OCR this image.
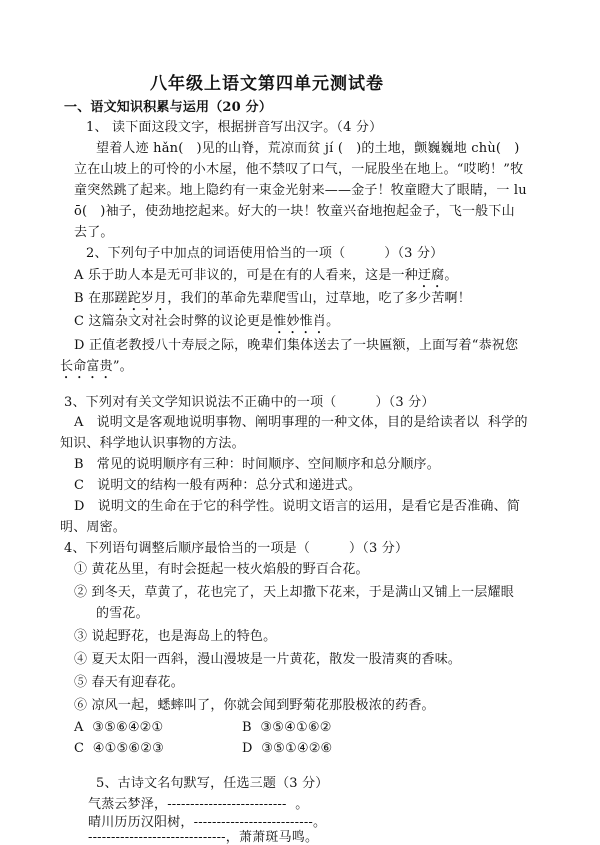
八年级上语文第四单元测试卷
一、语文知识积累与运用（20 分）
1、 读下面这段文字，根据拼音写出汉字。（4 分）
望着人迹 hǎn(   )见的山脊，荒凉而贫 jí (   )的土地，颤巍巍地 chù(   )
立在山坡上的可怜的小木屋，他不禁叹了口气，一屁股坐在地上。“哎哟！”牧
童突然跳了起来。地上隐约有一束金光射来——金子！牧童瞪大了眼睛，一 lu
ō(   )袖子，使劲地挖起来。好大的一块！牧童兴奋地抱起金子，飞一般下山
去了。
2、下列句子中加点的词语使用恰当的一项（         ）（3 分）
A 乐于助人本是无可非议的，可是在有的人看来，这是一种迂腐。
B 在那蹉跎岁月，我们的革命先辈爬雪山，过草地，吃了多少苦啊！
C 这篇杂文对社会时弊的议论更是惟妙惟肖。
D 正值老教授八十寿辰之际，晚辈们集体送去了一块匾额，上面写着“恭祝您
长命富贵”。
3、下列对有关文学知识说法不正确中的一项（         ）（3 分）
A   说明文是客观地说明事物、阐明事理的一种文体，目的是给读者以  科学的
知识、科学地认识事物的方法。
B   常见的说明顺序有三种：时间顺序、空间顺序和总分顺序。
C   说明文的结构一般有两种：总分式和递进式。
D   说明文的生命在于它的科学性。说明文语言的运用，是看它是否准确、简
明、周密。
4、下列语句调整后顺序最恰当的一项是（         ）（3 分）
① 黄花丛里，有时会挺起一枝火焰般的野百合花。
② 到冬天，草黄了，花也完了，天上却撒下花来，于是满山又铺上一层耀眼
的雪花。
③ 说起野花，也是海岛上的特色。
④ 夏天太阳一西斜，漫山漫坡是一片黄花，散发一股清爽的香味。
⑤ 春天有迎春花。
⑥ 凉风一起，蟋蟀叫了，你就会闻到野菊花那股极浓的药香。
A  ③⑤⑥④②①	B  ③⑤④①⑥②
C  ④①⑤⑥②③	D  ③⑤①④②⑥
5、古诗文名句默写，任选三题（3 分）
气蒸云梦泽，--------------------------  。
晴川历历汉阳树，--------------------------。
------------------------------，萧萧斑马鸣。
